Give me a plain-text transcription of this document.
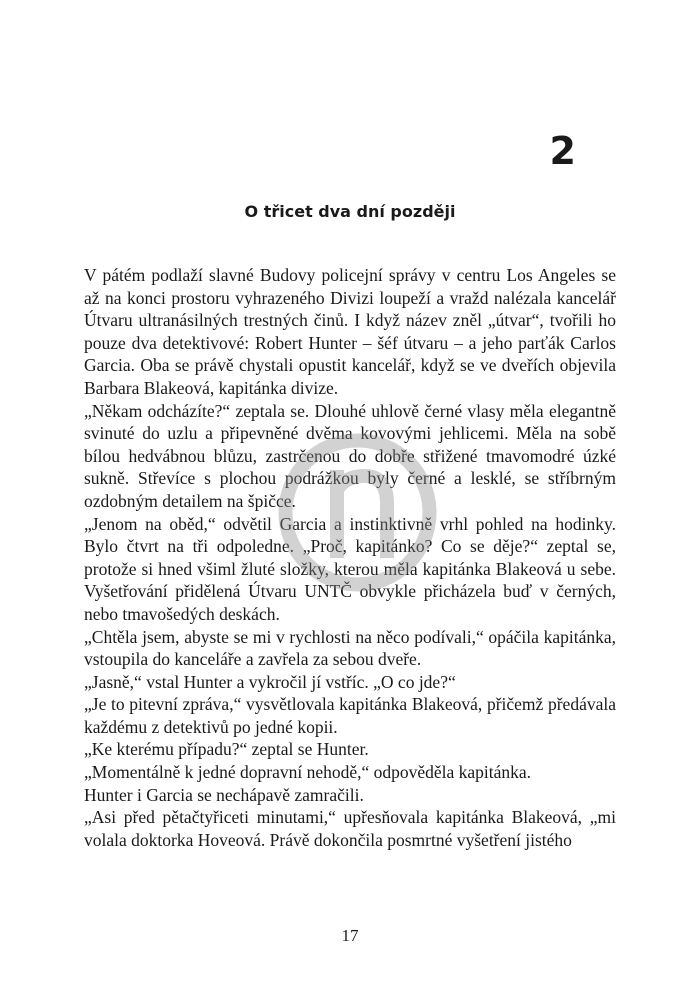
2
O třicet dva dní později

V pátém podlaží slavné Budovy policejní správy v centru Los Angeles se až na konci prostoru vyhrazeného Divizi loupeží a vražd nalézala kancelář Útvaru ultranásilných trestných činů. I když název zněl „útvar“, tvořili ho pouze dva detektivové: Robert Hunter – šéf útvaru – a jeho parťák Carlos Garcia. Oba se právě chystali opustit kancelář, když se ve dveřích objevila Barbara Blakeová, kapitánka divize.

„Někam odcházíte?“ zeptala se. Dlouhé uhlově černé vlasy měla elegantně svinuté do uzlu a připevněné dvěma kovovými jehlicemi. Měla na sobě bílou hedvábnou blůzu, zastrčenou do dobře střižené tmavomodré úzké sukně. Střevíce s plochou podrážkou byly černé a lesklé, se stříbrným ozdobným detailem na špičce.

„Jenom na oběd,“ odvětil Garcia a instinktivně vrhl pohled na hodinky. Bylo čtvrt na tři odpoledne. „Proč, kapitánko? Co se děje?“ zeptal se, protože si hned všiml žluté složky, kterou měla kapitánka Blakeová u sebe. Vyšetřování přidělená Útvaru UNTČ obvykle přicházela buď v černých, nebo tmavošedých deskách.

„Chtěla jsem, abyste se mi v rychlosti na něco podívali,“ opáčila kapitánka, vstoupila do kanceláře a zavřela za sebou dveře.

„Jasně,“ vstal Hunter a vykročil jí vstříc. „O co jde?“

„Je to pitevní zpráva,“ vysvětlovala kapitánka Blakeová, přičemž předávala každému z detektivů po jedné kopii.

„Ke kterému případu?“ zeptal se Hunter.

„Momentálně k jedné dopravní nehodě,“ odpověděla kapitánka.

Hunter i Garcia se nechápavě zamračili.

„Asi před pětačtyřiceti minutami,“ upřesňovala kapitánka Blakeová, „mi volala doktorka Hoveová. Právě dokončila posmrtné vyšetření jistého

17
